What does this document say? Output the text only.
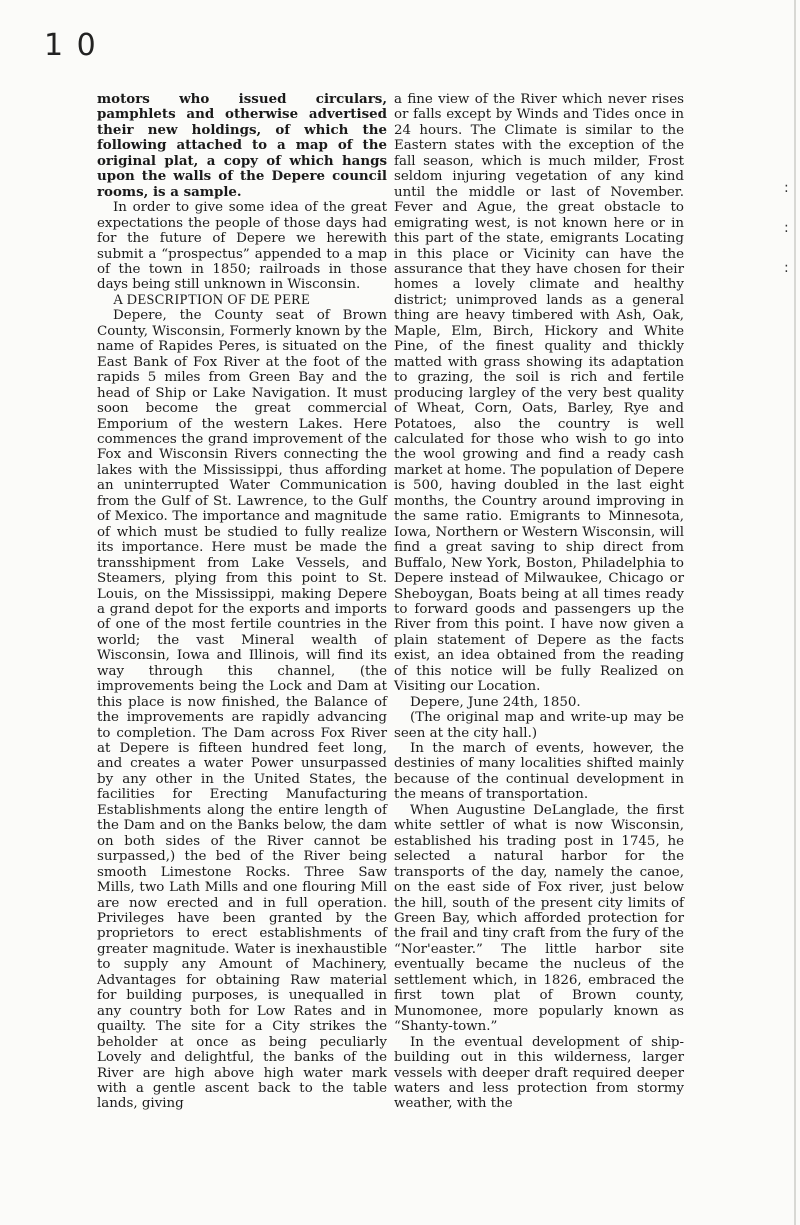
1 0

motors who issued circulars, pamphlets and otherwise advertised their new holdings, of which the following attached to a map of the original plat, a copy of which hangs upon the walls of the Depere council rooms, is a sample.

In order to give some idea of the great expectations the people of those days had for the future of Depere we herewith submit a “prospectus” appended to a map of the town in 1850; railroads in those days being still unknown in Wisconsin.

A DESCRIPTION OF DE PERE

Depere, the County seat of Brown County, Wisconsin, Formerly known by the name of Rapides Peres, is situated on the East Bank of Fox River at the foot of the rapids 5 miles from Green Bay and the head of Ship or Lake Navigation. It must soon become the great commercial Emporium of the western Lakes. Here commences the grand improvement of the Fox and Wisconsin Rivers connecting the lakes with the Mississippi, thus affording an uninterrupted Water Communication from the Gulf of St. Lawrence, to the Gulf of Mexico. The importance and magnitude of which must be studied to fully realize its importance. Here must be made the transshipment from Lake Vessels, and Steamers, plying from this point to St. Louis, on the Mississippi, making Depere a grand depot for the exports and imports of one of the most fertile countries in the world; the vast Mineral wealth of Wisconsin, Iowa and Illinois, will find its way through this channel, (the improvements being the Lock and Dam at this place is now finished, the Balance of the improvements are rapidly advancing to completion. The Dam across Fox River at Depere is fifteen hundred feet long, and creates a water Power unsurpassed by any other in the United States, the facilities for Erecting Manufacturing Establishments along the entire length of the Dam and on the Banks below, the dam on both sides of the River cannot be surpassed,) the bed of the River being smooth Limestone Rocks. Three Saw Mills, two Lath Mills and one flouring Mill are now erected and in full operation. Privileges have been granted by the proprietors to erect establishments of greater magnitude. Water is inexhaustible to supply any Amount of Machinery, Advantages for obtaining Raw material for building purposes, is unequalled in any country both for Low Rates and in quailty. The site for a City strikes the beholder at once as being peculiarly Lovely and delightful, the banks of the River are high above high water mark with a gentle ascent back to the table lands, giving

a fine view of the River which never rises or falls except by Winds and Tides once in 24 hours. The Climate is similar to the Eastern states with the exception of the fall season, which is much milder, Frost seldom injuring vegetation of any kind until the middle or last of November. Fever and Ague, the great obstacle to emigrating west, is not known here or in this part of the state, emigrants Locating in this place or Vicinity can have the assurance that they have chosen for their homes a lovely climate and healthy district; unimproved lands as a general thing are heavy timbered with Ash, Oak, Maple, Elm, Birch, Hickory and White Pine, of the finest quality and thickly matted with grass showing its adaptation to grazing, the soil is rich and fertile producing largley of the very best quality of Wheat, Corn, Oats, Barley, Rye and Potatoes, also the country is well calculated for those who wish to go into the wool growing and find a ready cash market at home. The population of Depere is 500, having doubled in the last eight months, the Country around improving in the same ratio. Emigrants to Minnesota, Iowa, Northern or Western Wisconsin, will find a great saving to ship direct from Buffalo, New York, Boston, Philadelphia to Depere instead of Milwaukee, Chicago or Sheboygan, Boats being at all times ready to forward goods and passengers up the River from this point. I have now given a plain statement of Depere as the facts exist, an idea obtained from the reading of this notice will be fully Realized on Visiting our Location.

Depere, June 24th, 1850.

(The original map and write-up may be seen at the city hall.)

In the march of events, however, the destinies of many localities shifted mainly because of the continual development in the means of transportation.

When Augustine DeLanglade, the first white settler of what is now Wisconsin, established his trading post in 1745, he selected a natural harbor for the transports of the day, namely the canoe, on the east side of Fox river, just below the hill, south of the present city limits of Green Bay, which afforded protection for the frail and tiny craft from the fury of the “Nor'easter.” The little harbor site eventually became the nucleus of the settlement which, in 1826, embraced the first town plat of Brown county, Munomonee, more popularly known as “Shanty-town.”

In the eventual development of ship-building out in this wilderness, larger vessels with deeper draft required deeper waters and less protection from stormy weather, with the

:
:
:
